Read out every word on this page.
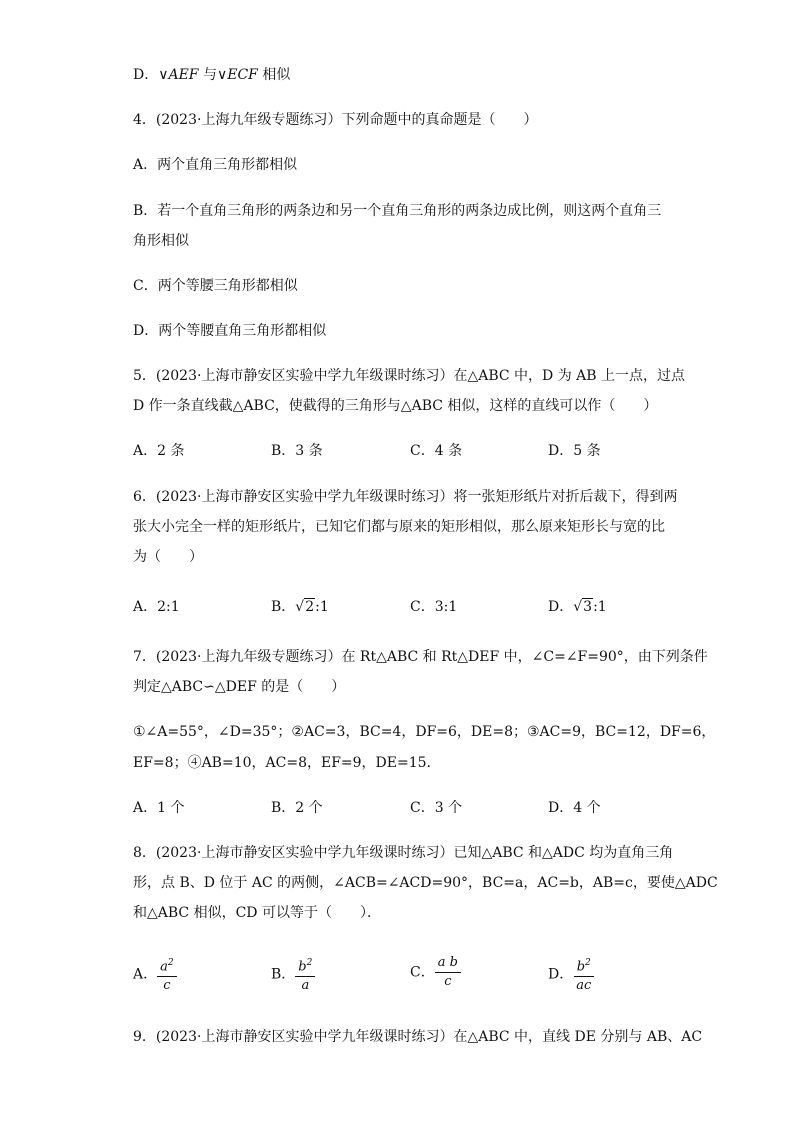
D．∨AEF 与∨ECF 相似
4．(2023·上海九年级专题练习）下列命题中的真命题是（　　）
A．两个直角三角形都相似
B．若一个直角三角形的两条边和另一个直角三角形的两条边成比例，则这两个直角三
角形相似
C．两个等腰三角形都相似
D．两个等腰直角三角形都相似
5．(2023·上海市静安区实验中学九年级课时练习）在△ABC 中，D 为 AB 上一点，过点
D 作一条直线截△ABC，使截得的三角形与△ABC 相似，这样的直线可以作（　　）
A．2 条	B．3 条	C．4 条	D．5 条
6．(2023·上海市静安区实验中学九年级课时练习）将一张矩形纸片对折后裁下，得到两
张大小完全一样的矩形纸片，已知它们都与原来的矩形相似，那么原来矩形长与宽的比
为（　　）
A．2:1	B．√2:1	C．3:1	D．√3:1
7．(2023·上海九年级专题练习）在 Rt△ABC 和 Rt△DEF 中，∠C=∠F=90°，由下列条件
判定△ABC∽△DEF 的是（　　）
①∠A=55°，∠D=35°；②AC=3，BC=4，DF=6，DE=8；③AC=9，BC=12，DF=6，
EF=8；④AB=10，AC=8，EF=9，DE=15．
A．1 个	B．2 个	C．3 个	D．4 个
8．(2023·上海市静安区实验中学九年级课时练习）已知△ABC 和△ADC 均为直角三角
形，点 B、D 位于 AC 的两侧，∠ACB=∠ACD=90°，BC=a，AC=b，AB=c，要使△ADC
和△ABC 相似，CD 可以等于（　　）．
A． $\frac{a^2}{c}$	B． $\frac{b^2}{a}$	C． $\frac{\text{a b}}{c}$	D． $\frac{b^2}{ac}$
9．(2023·上海市静安区实验中学九年级课时练习）在△ABC 中，直线 DE 分别与 AB、AC
